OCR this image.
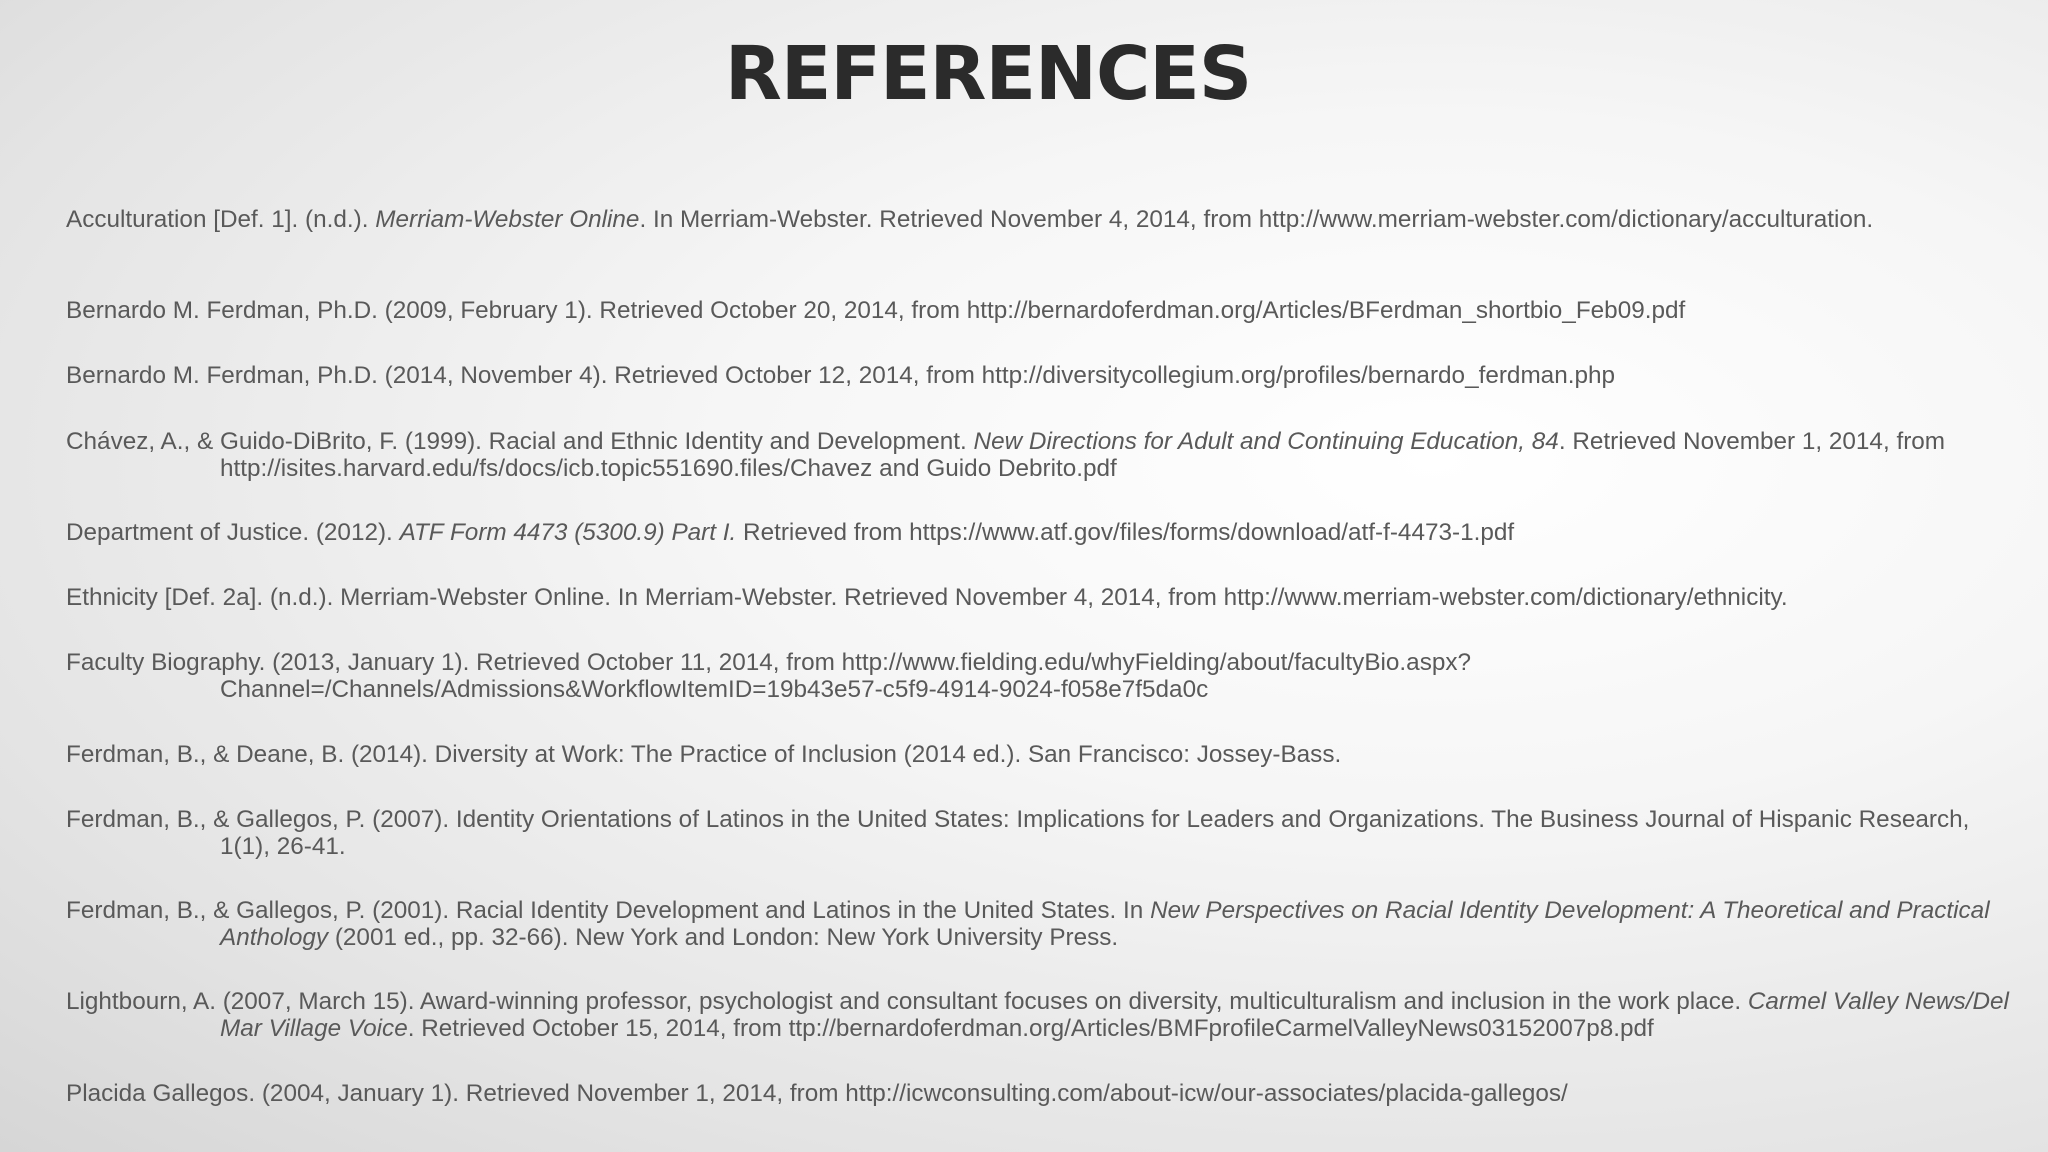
REFERENCES

Acculturation [Def. 1]. (n.d.). Merriam-Webster Online. In Merriam-Webster. Retrieved November 4, 2014, from http://www.merriam-webster.com/dictionary/acculturation.

Bernardo M. Ferdman, Ph.D. (2009, February 1). Retrieved October 20, 2014, from http://bernardoferdman.org/Articles/BFerdman_shortbio_Feb09.pdf

Bernardo M. Ferdman, Ph.D. (2014, November 4). Retrieved October 12, 2014, from http://diversitycollegium.org/profiles/bernardo_ferdman.php

Chávez, A., & Guido-DiBrito, F. (1999). Racial and Ethnic Identity and Development. New Directions for Adult and Continuing Education, 84. Retrieved November 1, 2014, from http://isites.harvard.edu/fs/docs/icb.topic551690.files/Chavez and Guido Debrito.pdf

Department of Justice. (2012). ATF Form 4473 (5300.9) Part I. Retrieved from https://www.atf.gov/files/forms/download/atf-f-4473-1.pdf

Ethnicity [Def. 2a]. (n.d.). Merriam-Webster Online. In Merriam-Webster. Retrieved November 4, 2014, from http://www.merriam-webster.com/dictionary/ethnicity.

Faculty Biography. (2013, January 1). Retrieved October 11, 2014, from http://www.fielding.edu/whyFielding/about/facultyBio.aspx?Channel=/Channels/Admissions&WorkflowItemID=19b43e57-c5f9-4914-9024-f058e7f5da0c

Ferdman, B., & Deane, B. (2014). Diversity at Work: The Practice of Inclusion (2014 ed.). San Francisco: Jossey-Bass.

Ferdman, B., & Gallegos, P. (2007). Identity Orientations of Latinos in the United States: Implications for Leaders and Organizations. The Business Journal of Hispanic Research, 1(1), 26-41.

Ferdman, B., & Gallegos, P. (2001). Racial Identity Development and Latinos in the United States. In New Perspectives on Racial Identity Development: A Theoretical and Practical Anthology (2001 ed., pp. 32-66). New York and London: New York University Press.

Lightbourn, A. (2007, March 15). Award-winning professor, psychologist and consultant focuses on diversity, multiculturalism and inclusion in the work place. Carmel Valley News/Del Mar Village Voice. Retrieved October 15, 2014, from ttp://bernardoferdman.org/Articles/BMFprofileCarmelValleyNews03152007p8.pdf

Placida Gallegos. (2004, January 1). Retrieved November 1, 2014, from http://icwconsulting.com/about-icw/our-associates/placida-gallegos/
